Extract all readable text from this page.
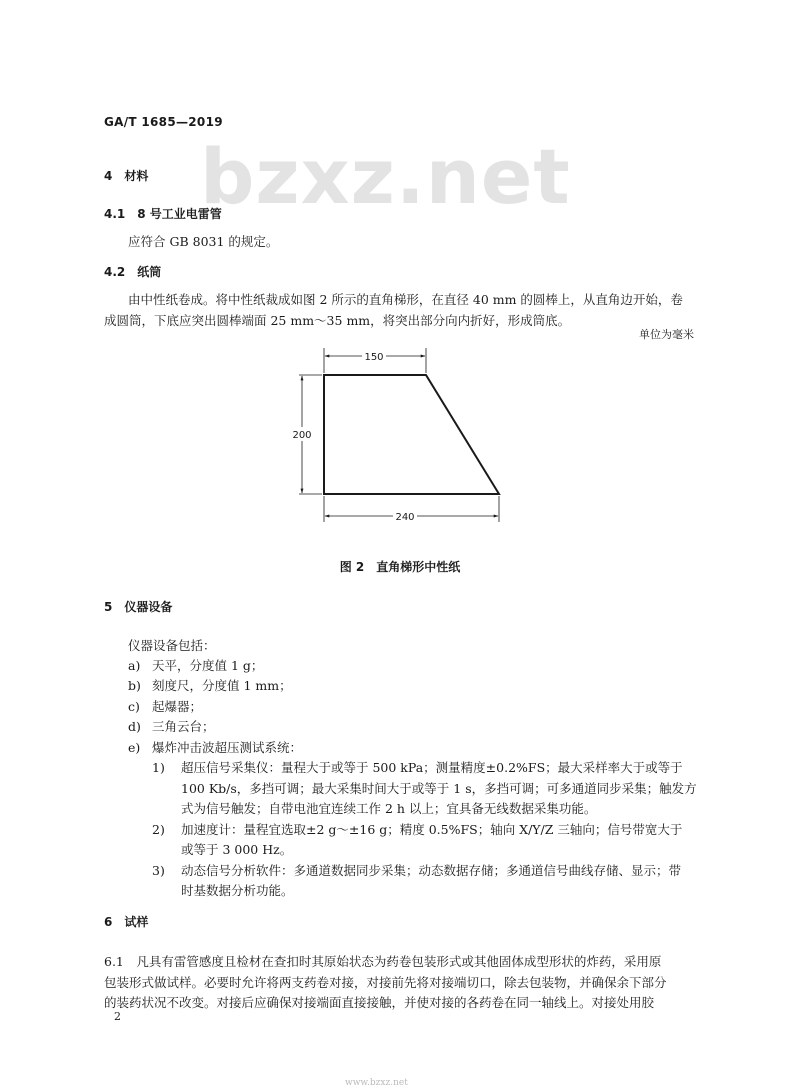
GA/T 1685—2019
bzxz.net
4　材料
4.1　8 号工业电雷管
应符合 GB 8031 的规定。
4.2　纸筒
由中性纸卷成。将中性纸裁成如图 2 所示的直角梯形，在直径 40 mm 的圆棒上，从直角边开始，卷
成圆筒，下底应突出圆棒端面 25 mm～35 mm，将突出部分向内折好，形成筒底。
单位为毫米
150
200
240
图 2　直角梯形中性纸
5　仪器设备
仪器设备包括：
a) 天平，分度值 1 g；
b) 刻度尺，分度值 1 mm；
c) 起爆器；
d) 三角云台；
e) 爆炸冲击波超压测试系统：
1) 超压信号采集仪：量程大于或等于 500 kPa；测量精度±0.2%FS；最大采样率大于或等于
100 Kb/s，多挡可调；最大采集时间大于或等于 1 s，多挡可调；可多通道同步采集；触发方
式为信号触发；自带电池宜连续工作 2 h 以上；宜具备无线数据采集功能。
2) 加速度计：量程宜选取±2 g～±16 g；精度 0.5%FS；轴向 X/Y/Z 三轴向；信号带宽大于
或等于 3 000 Hz。
3) 动态信号分析软件：多通道数据同步采集；动态数据存储；多通道信号曲线存储、显示；带
时基数据分析功能。
6　试样
6.1　凡具有雷管感度且检材在查扣时其原始状态为药卷包装形式或其他固体成型形状的炸药，采用原
包装形式做试样。必要时允许将两支药卷对接，对接前先将对接端切口，除去包装物，并确保余下部分
的装药状况不改变。对接后应确保对接端面直接接触，并使对接的各药卷在同一轴线上。对接处用胶
2
www.bzxz.net
